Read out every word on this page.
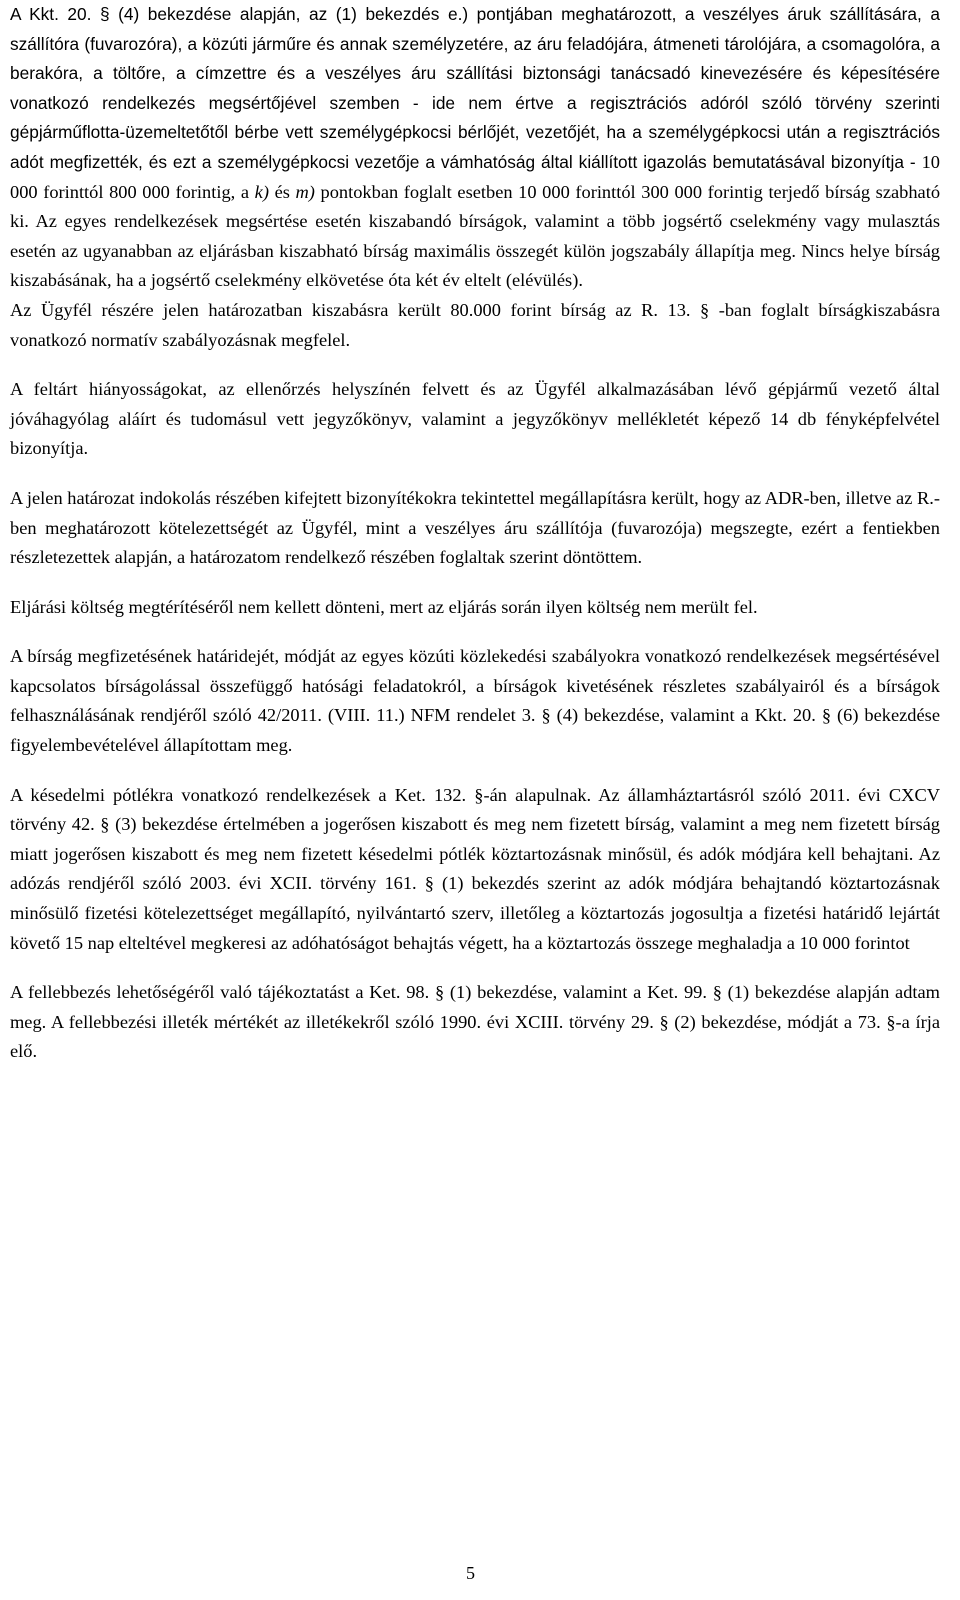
A Kkt. 20. § (4) bekezdése alapján, az (1) bekezdés e.) pontjában meghatározott, a veszélyes áruk szállítására, a szállítóra (fuvarozóra), a közúti járműre és annak személyzetére, az áru feladójára, átmeneti tárolójára, a csomagolóra, a berakóra, a töltőre, a címzettre és a veszélyes áru szállítási biztonsági tanácsadó kinevezésére és képesítésére vonatkozó rendelkezés megsértőjével szemben - ide nem értve a regisztrációs adóról szóló törvény szerinti gépjárműflotta-üzemeltetőtől bérbe vett személygépkocsi bérlőjét, vezetőjét, ha a személygépkocsi után a regisztrációs adót megfizették, és ezt a személygépkocsi vezetője a vámhatóság által kiállított igazolás bemutatásával bizonyítja - 10 000 forinttól 800 000 forintig, a k) és m) pontokban foglalt esetben 10 000 forinttól 300 000 forintig terjedő bírság szabható ki. Az egyes rendelkezések megsértése esetén kiszabandó bírságok, valamint a több jogsértő cselekmény vagy mulasztás esetén az ugyanabban az eljárásban kiszabható bírság maximális összegét külön jogszabály állapítja meg. Nincs helye bírság kiszabásának, ha a jogsértő cselekmény elkövetése óta két év eltelt (elévülés).

Az Ügyfél részére jelen határozatban kiszabásra került 80.000 forint bírság az R. 13. § -ban foglalt bírságkiszabásra vonatkozó normatív szabályozásnak megfelel.

A feltárt hiányosságokat, az ellenőrzés helyszínén felvett és az Ügyfél alkalmazásában lévő gépjármű vezető által jóváhagyólag aláírt és tudomásul vett jegyzőkönyv, valamint a jegyzőkönyv mellékletét képező 14 db fényképfelvétel bizonyítja.

A jelen határozat indokolás részében kifejtett bizonyítékokra tekintettel megállapításra került, hogy az ADR-ben, illetve az R.-ben meghatározott kötelezettségét az Ügyfél, mint a veszélyes áru szállítója (fuvarozója) megszegte, ezért a fentiekben részletezettek alapján, a határozatom rendelkező részében foglaltak szerint döntöttem.

Eljárási költség megtérítéséről nem kellett dönteni, mert az eljárás során ilyen költség nem merült fel.

A bírság megfizetésének határidejét, módját az egyes közúti közlekedési szabályokra vonatkozó rendelkezések megsértésével kapcsolatos bírságolással összefüggő hatósági feladatokról, a bírságok kivetésének részletes szabályairól és a bírságok felhasználásának rendjéről szóló 42/2011. (VIII. 11.) NFM rendelet 3. § (4) bekezdése, valamint a Kkt. 20. § (6) bekezdése figyelembevételével állapítottam meg.

A késedelmi pótlékra vonatkozó rendelkezések a Ket. 132. §-án alapulnak. Az államháztartásról szóló 2011. évi CXCV törvény 42. § (3) bekezdése értelmében a jogerősen kiszabott és meg nem fizetett bírság, valamint a meg nem fizetett bírság miatt jogerősen kiszabott és meg nem fizetett késedelmi pótlék köztartozásnak minősül, és adók módjára kell behajtani. Az adózás rendjéről szóló 2003. évi XCII. törvény 161. § (1) bekezdés szerint az adók módjára behajtandó köztartozásnak minősülő fizetési kötelezettséget megállapító, nyilvántartó szerv, illetőleg a köztartozás jogosultja a fizetési határidő lejártát követő 15 nap elteltével megkeresi az adóhatóságot behajtás végett, ha a köztartozás összege meghaladja a 10 000 forintot

A fellebbezés lehetőségéről való tájékoztatást a Ket. 98. § (1) bekezdése, valamint a Ket. 99. § (1) bekezdése alapján adtam meg. A fellebbezési illeték mértékét az illetékekről szóló 1990. évi XCIII. törvény 29. § (2) bekezdése, módját a 73. §-a írja elő.

5
